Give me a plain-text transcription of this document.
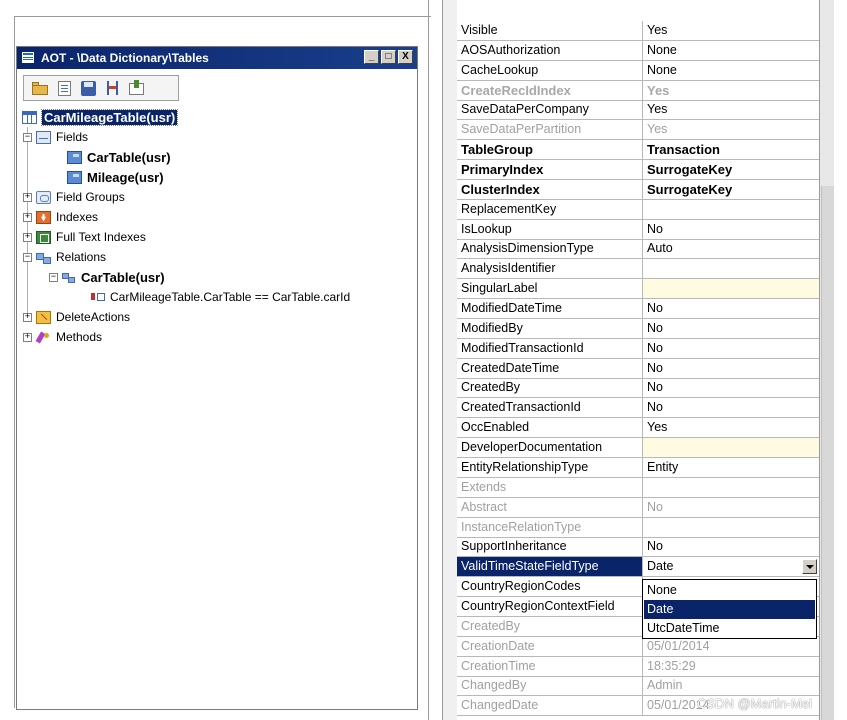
AOT - \Data Dictionary\Tables	_	□	X
CarMileageTable(usr)
− Fields
CarTable(usr)
Mileage(usr)
+ Field Groups
+ Indexes
+ Full Text Indexes
− Relations
− CarTable(usr)
CarMileageTable.CarTable == CarTable.carId
+ DeleteActions
+ Methods
Visible	Yes
AOSAuthorization	None
CacheLookup	None
CreateRecIdIndex	Yes
SaveDataPerCompany	Yes
SaveDataPerPartition	Yes
TableGroup	Transaction
PrimaryIndex	SurrogateKey
ClusterIndex	SurrogateKey
ReplacementKey
IsLookup	No
AnalysisDimensionType	Auto
AnalysisIdentifier
SingularLabel
ModifiedDateTime	No
ModifiedBy	No
ModifiedTransactionId	No
CreatedDateTime	No
CreatedBy	No
CreatedTransactionId	No
OccEnabled	Yes
DeveloperDocumentation
EntityRelationshipType	Entity
Extends
Abstract	No
InstanceRelationType
SupportInheritance	No
ValidTimeStateFieldType	Date
CountryRegionCodes
CountryRegionContextField
CreatedBy
CreationDate	05/01/2014
CreationTime	18:35:29
ChangedBy	Admin
ChangedDate	05/01/2014
None
Date
UtcDateTime
CSDN @Martin-Mei
